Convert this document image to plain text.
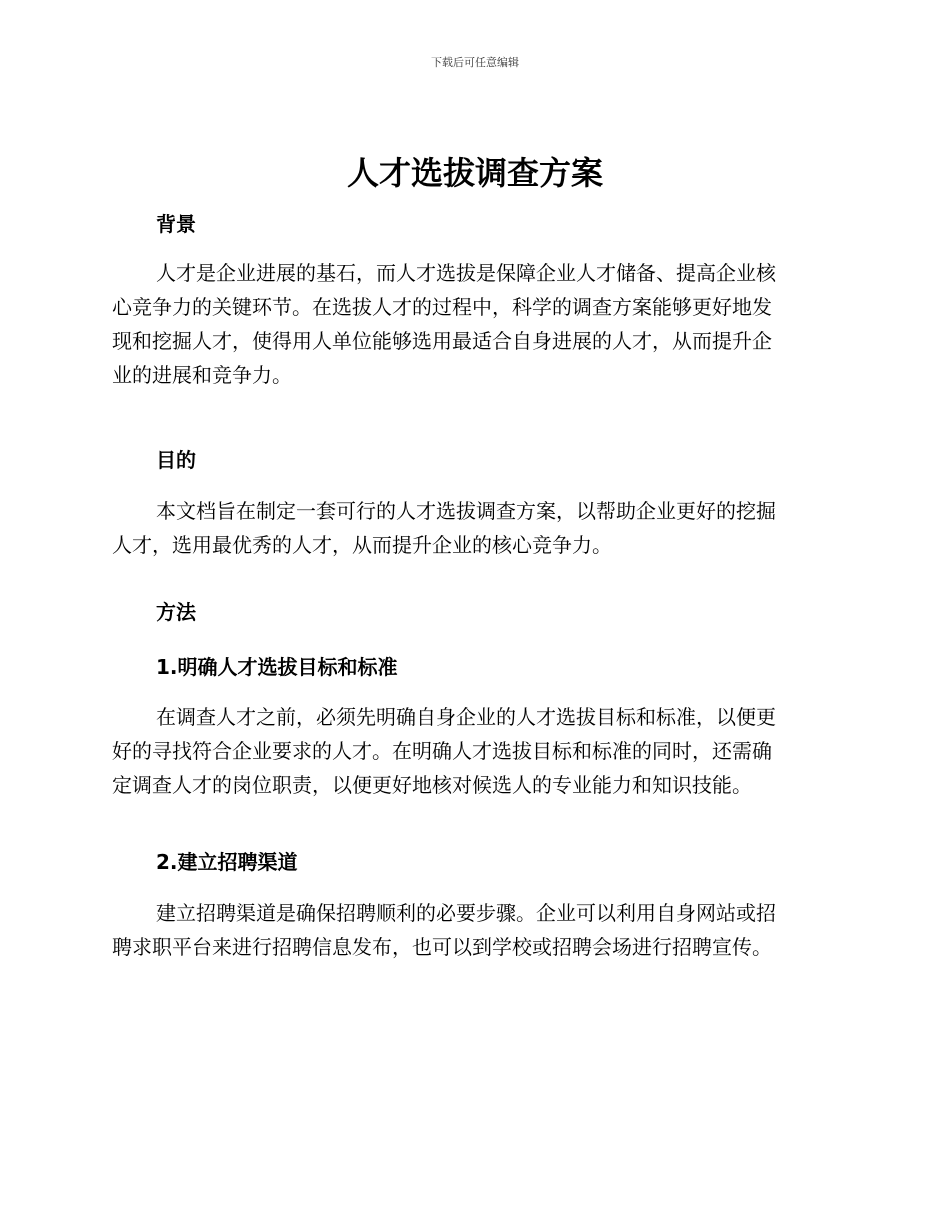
下载后可任意编辑
人才选拔调查方案
背景

人才是企业进展的基石，而人才选拔是保障企业人才储备、提高企业核
心竞争力的关键环节。在选拔人才的过程中，科学的调查方案能够更好地发
现和挖掘人才，使得用人单位能够选用最适合自身进展的人才，从而提升企
业的进展和竞争力。

目的

本文档旨在制定一套可行的人才选拔调查方案，以帮助企业更好的挖掘
人才，选用最优秀的人才，从而提升企业的核心竞争力。

方法
1.明确人才选拔目标和标准

在调查人才之前，必须先明确自身企业的人才选拔目标和标准，以便更
好的寻找符合企业要求的人才。在明确人才选拔目标和标准的同时，还需确
定调查人才的岗位职责，以便更好地核对候选人的专业能力和知识技能。

2.建立招聘渠道

建立招聘渠道是确保招聘顺利的必要步骤。企业可以利用自身网站或招
聘求职平台来进行招聘信息发布，也可以到学校或招聘会场进行招聘宣传。
